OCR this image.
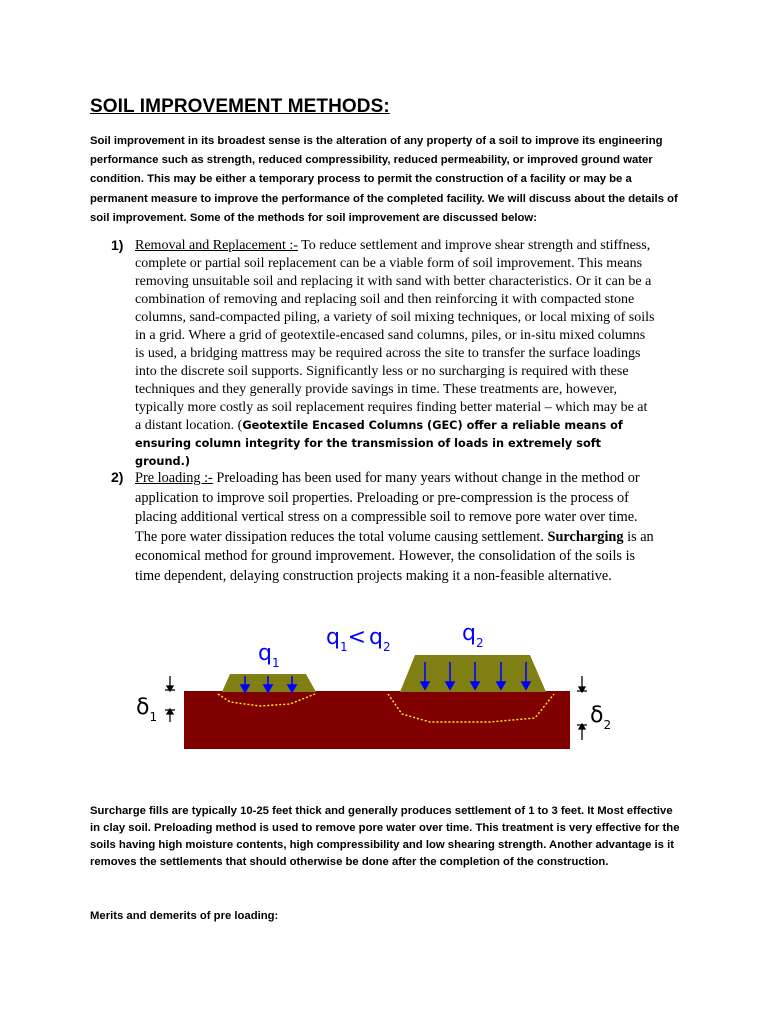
SOIL IMPROVEMENT METHODS:

Soil improvement in its broadest sense is the alteration of any property of a soil to improve its engineering performance such as strength, reduced compressibility, reduced permeability, or improved ground water condition. This may be either a temporary process to permit the construction of a facility or may be a permanent measure to improve the performance of the completed facility. We will discuss about the details of soil improvement. Some of the methods for soil improvement are discussed below:

1) Removal and Replacement :- To reduce settlement and improve shear strength and stiffness, complete or partial soil replacement can be a viable form of soil improvement. This means removing unsuitable soil and replacing it with sand with better characteristics. Or it can be a combination of removing and replacing soil and then reinforcing it with compacted stone columns, sand-compacted piling, a variety of soil mixing techniques, or local mixing of soils in a grid. Where a grid of geotextile-encased sand columns, piles, or in-situ mixed columns is used, a bridging mattress may be required across the site to transfer the surface loadings into the discrete soil supports. Significantly less or no surcharging is required with these techniques and they generally provide savings in time. These treatments are, however, typically more costly as soil replacement requires finding better material – which may be at a distant location. (Geotextile Encased Columns (GEC) offer a reliable means of ensuring column integrity for the transmission of loads in extremely soft ground.)
2) Pre loading :- Preloading has been used for many years without change in the method or application to improve soil properties. Preloading or pre-compression is the process of placing additional vertical stress on a compressible soil to remove pore water over time. The pore water dissipation reduces the total volume causing settlement. Surcharging is an economical method for ground improvement. However, the consolidation of the soils is time dependent, delaying construction projects making it a non-feasible alternative.

$q_1$
$q_1< q_2$
$q_2$
$\delta_1$	$\delta_2$

Surcharge fills are typically 10-25 feet thick and generally produces settlement of 1 to 3 feet. It Most effective in clay soil. Preloading method is used to remove pore water over time. This treatment is very effective for the soils having high moisture contents, high compressibility and low shearing strength. Another advantage is it removes the settlements that should otherwise be done after the completion of the construction.

Merits and demerits of pre loading:
